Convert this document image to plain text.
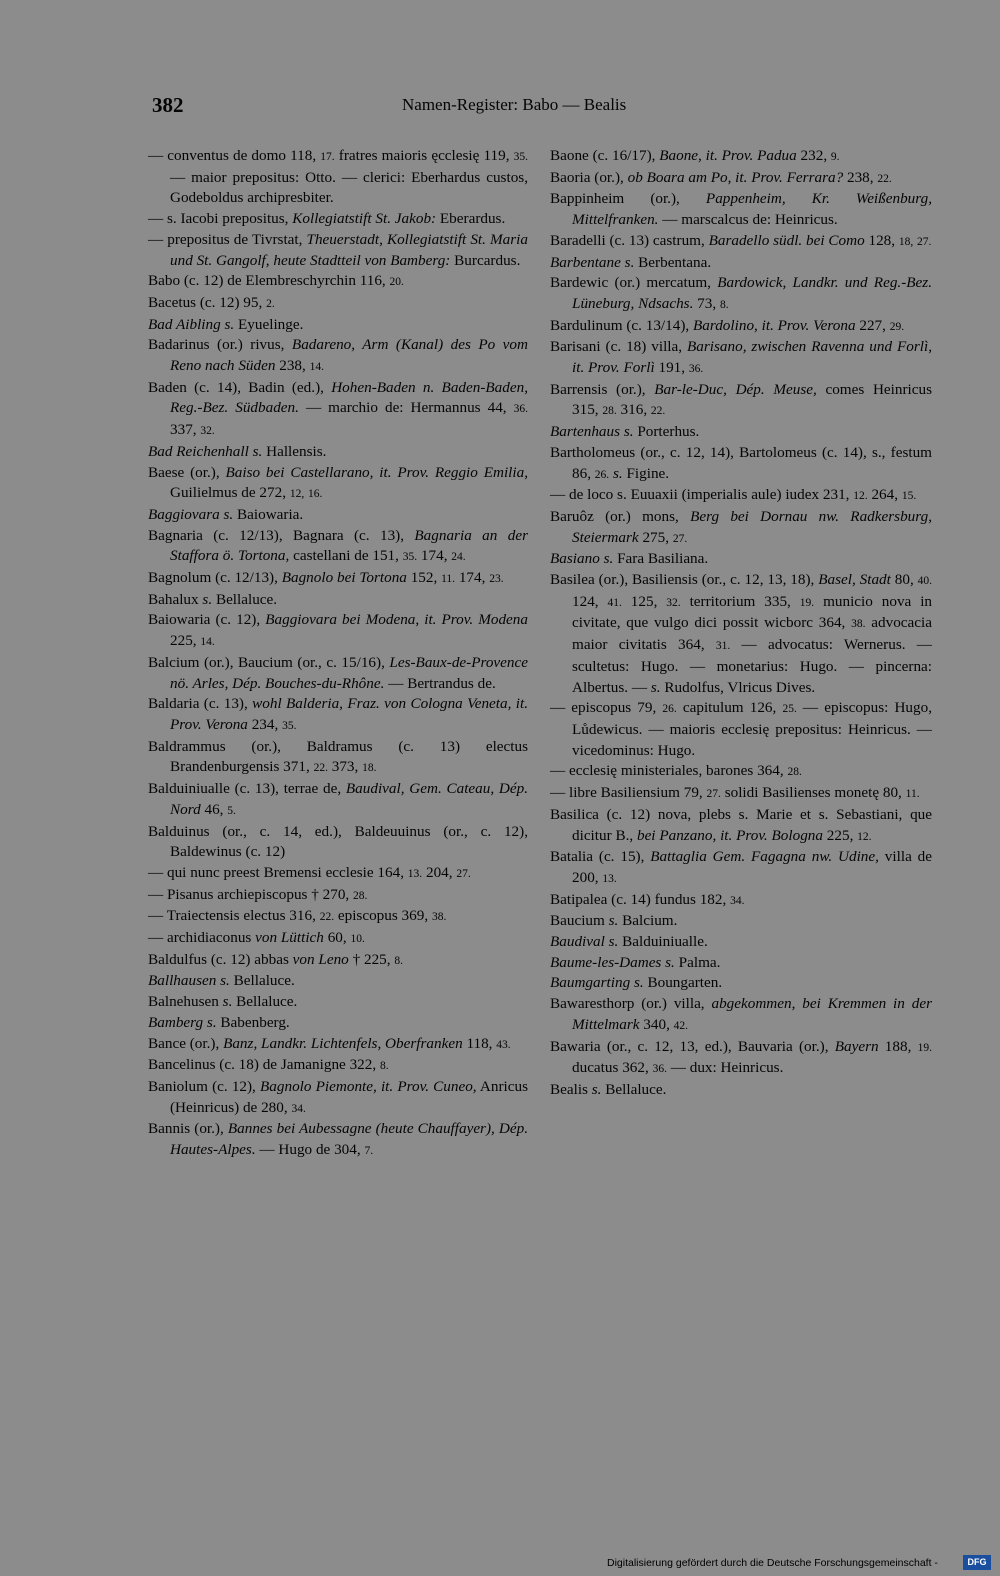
382	Namen-Register: Babo — Bealis
— conventus de domo 118, 17. fratres maioris ęcclesię 119, 35. — maior prepositus: Otto. — clerici: Eberhardus custos, Godeboldus archipresbiter.
— s. Iacobi prepositus, Kollegiatstift St. Jakob: Eberardus.
— prepositus de Tivrstat, Theuerstadt, Kollegiatstift St. Maria und St. Gangolf, heute Stadtteil von Bamberg: Burcardus.
Babo (c. 12) de Elembreschyrchin 116, 20.
Bacetus (c. 12) 95, 2.
Bad Aibling s. Eyuelinge.
Badarinus (or.) rivus, Badareno, Arm (Kanal) des Po vom Reno nach Süden 238, 14.
Baden (c. 14), Badin (ed.), Hohen-Baden n. Baden-Baden, Reg.-Bez. Südbaden. — marchio de: Hermannus 44, 36. 337, 32.
Bad Reichenhall s. Hallensis.
Baese (or.), Baiso bei Castellarano, it. Prov. Reggio Emilia, Guilielmus de 272, 12, 16.
Baggiovara s. Baiowaria.
Bagnaria (c. 12/13), Bagnara (c. 13), Bagnaria an der Staffora ö. Tortona, castellani de 151, 35. 174, 24.
Bagnolum (c. 12/13), Bagnolo bei Tortona 152, 11. 174, 23.
Bahalux s. Bellaluce.
Baiowaria (c. 12), Baggiovara bei Modena, it. Prov. Modena 225, 14.
Balcium (or.), Baucium (or., c. 15/16), Les-Baux-de-Provence nö. Arles, Dép. Bouches-du-Rhône. — Bertrandus de.
Baldaria (c. 13), wohl Balderia, Fraz. von Cologna Veneta, it. Prov. Verona 234, 35.
Baldrammus (or.), Baldramus (c. 13) electus Brandenburgensis 371, 22. 373, 18.
Balduiniualle (c. 13), terrae de, Baudival, Gem. Cateau, Dép. Nord 46, 5.
Balduinus (or., c. 14, ed.), Baldeuuinus (or., c. 12), Baldewinus (c. 12)
— qui nunc preest Bremensi ecclesie 164, 13. 204, 27.
— Pisanus archiepiscopus † 270, 28.
— Traiectensis electus 316, 22. episcopus 369, 38.
— archidiaconus von Lüttich 60, 10.
Baldulfus (c. 12) abbas von Leno † 225, 8.
Ballhausen s. Bellaluce.
Balnehusen s. Bellaluce.
Bamberg s. Babenberg.
Bance (or.), Banz, Landkr. Lichtenfels, Oberfranken 118, 43.
Bancelinus (c. 18) de Jamanigne 322, 8.
Baniolum (c. 12), Bagnolo Piemonte, it. Prov. Cuneo, Anricus (Heinricus) de 280, 34.
Bannis (or.), Bannes bei Aubessagne (heute Chauffayer), Dép. Hautes-Alpes. — Hugo de 304, 7.
Baone (c. 16/17), Baone, it. Prov. Padua 232, 9.
Baoria (or.), ob Boara am Po, it. Prov. Ferrara? 238, 22.
Bappinheim (or.), Pappenheim, Kr. Weißenburg, Mittelfranken. — marscalcus de: Heinricus.
Baradelli (c. 13) castrum, Baradello südl. bei Como 128, 18, 27.
Barbentane s. Berbentana.
Bardewic (or.) mercatum, Bardowick, Landkr. und Reg.-Bez. Lüneburg, Ndsachs. 73, 8.
Bardulinum (c. 13/14), Bardolino, it. Prov. Verona 227, 29.
Barisani (c. 18) villa, Barisano, zwischen Ravenna und Forlì, it. Prov. Forlì 191, 36.
Barrensis (or.), Bar-le-Duc, Dép. Meuse, comes Heinricus 315, 28. 316, 22.
Bartenhaus s. Porterhus.
Bartholomeus (or., c. 12, 14), Bartolomeus (c. 14), s., festum 86, 26. s. Figine.
— de loco s. Euuaxii (imperialis aule) iudex 231, 12. 264, 15.
Baruôz (or.) mons, Berg bei Dornau nw. Radkersburg, Steiermark 275, 27.
Basiano s. Fara Basiliana.
Basilea (or.), Basiliensis (or., c. 12, 13, 18), Basel, Stadt 80, 40. 124, 41. 125, 32. territorium 335, 19. municio nova in civitate, que vulgo dici possit wicborc 364, 38. advocacia maior civitatis 364, 31. — advocatus: Wernerus. — scultetus: Hugo. — monetarius: Hugo. — pincerna: Albertus. — s. Rudolfus, Vlricus Dives.
— episcopus 79, 26. capitulum 126, 25. — episcopus: Hugo, Lůdewicus. — maioris ecclesię prepositus: Heinricus. — vicedominus: Hugo.
— ecclesię ministeriales, barones 364, 28.
— libre Basiliensium 79, 27. solidi Basilienses monetę 80, 11.
Basilica (c. 12) nova, plebs s. Marie et s. Sebastiani, que dicitur B., bei Panzano, it. Prov. Bologna 225, 12.
Batalia (c. 15), Battaglia Gem. Fagagna nw. Udine, villa de 200, 13.
Batipalea (c. 14) fundus 182, 34.
Baucium s. Balcium.
Baudival s. Balduiniualle.
Baume-les-Dames s. Palma.
Baumgarting s. Boungarten.
Bawaresthorp (or.) villa, abgekommen, bei Kremmen in der Mittelmark 340, 42.
Bawaria (or., c. 12, 13, ed.), Bauvaria (or.), Bayern 188, 19. ducatus 362, 36. — dux: Heinricus.
Bealis s. Bellaluce.
Digitalisierung gefördert durch die Deutsche Forschungsgemeinschaft -	DFG
